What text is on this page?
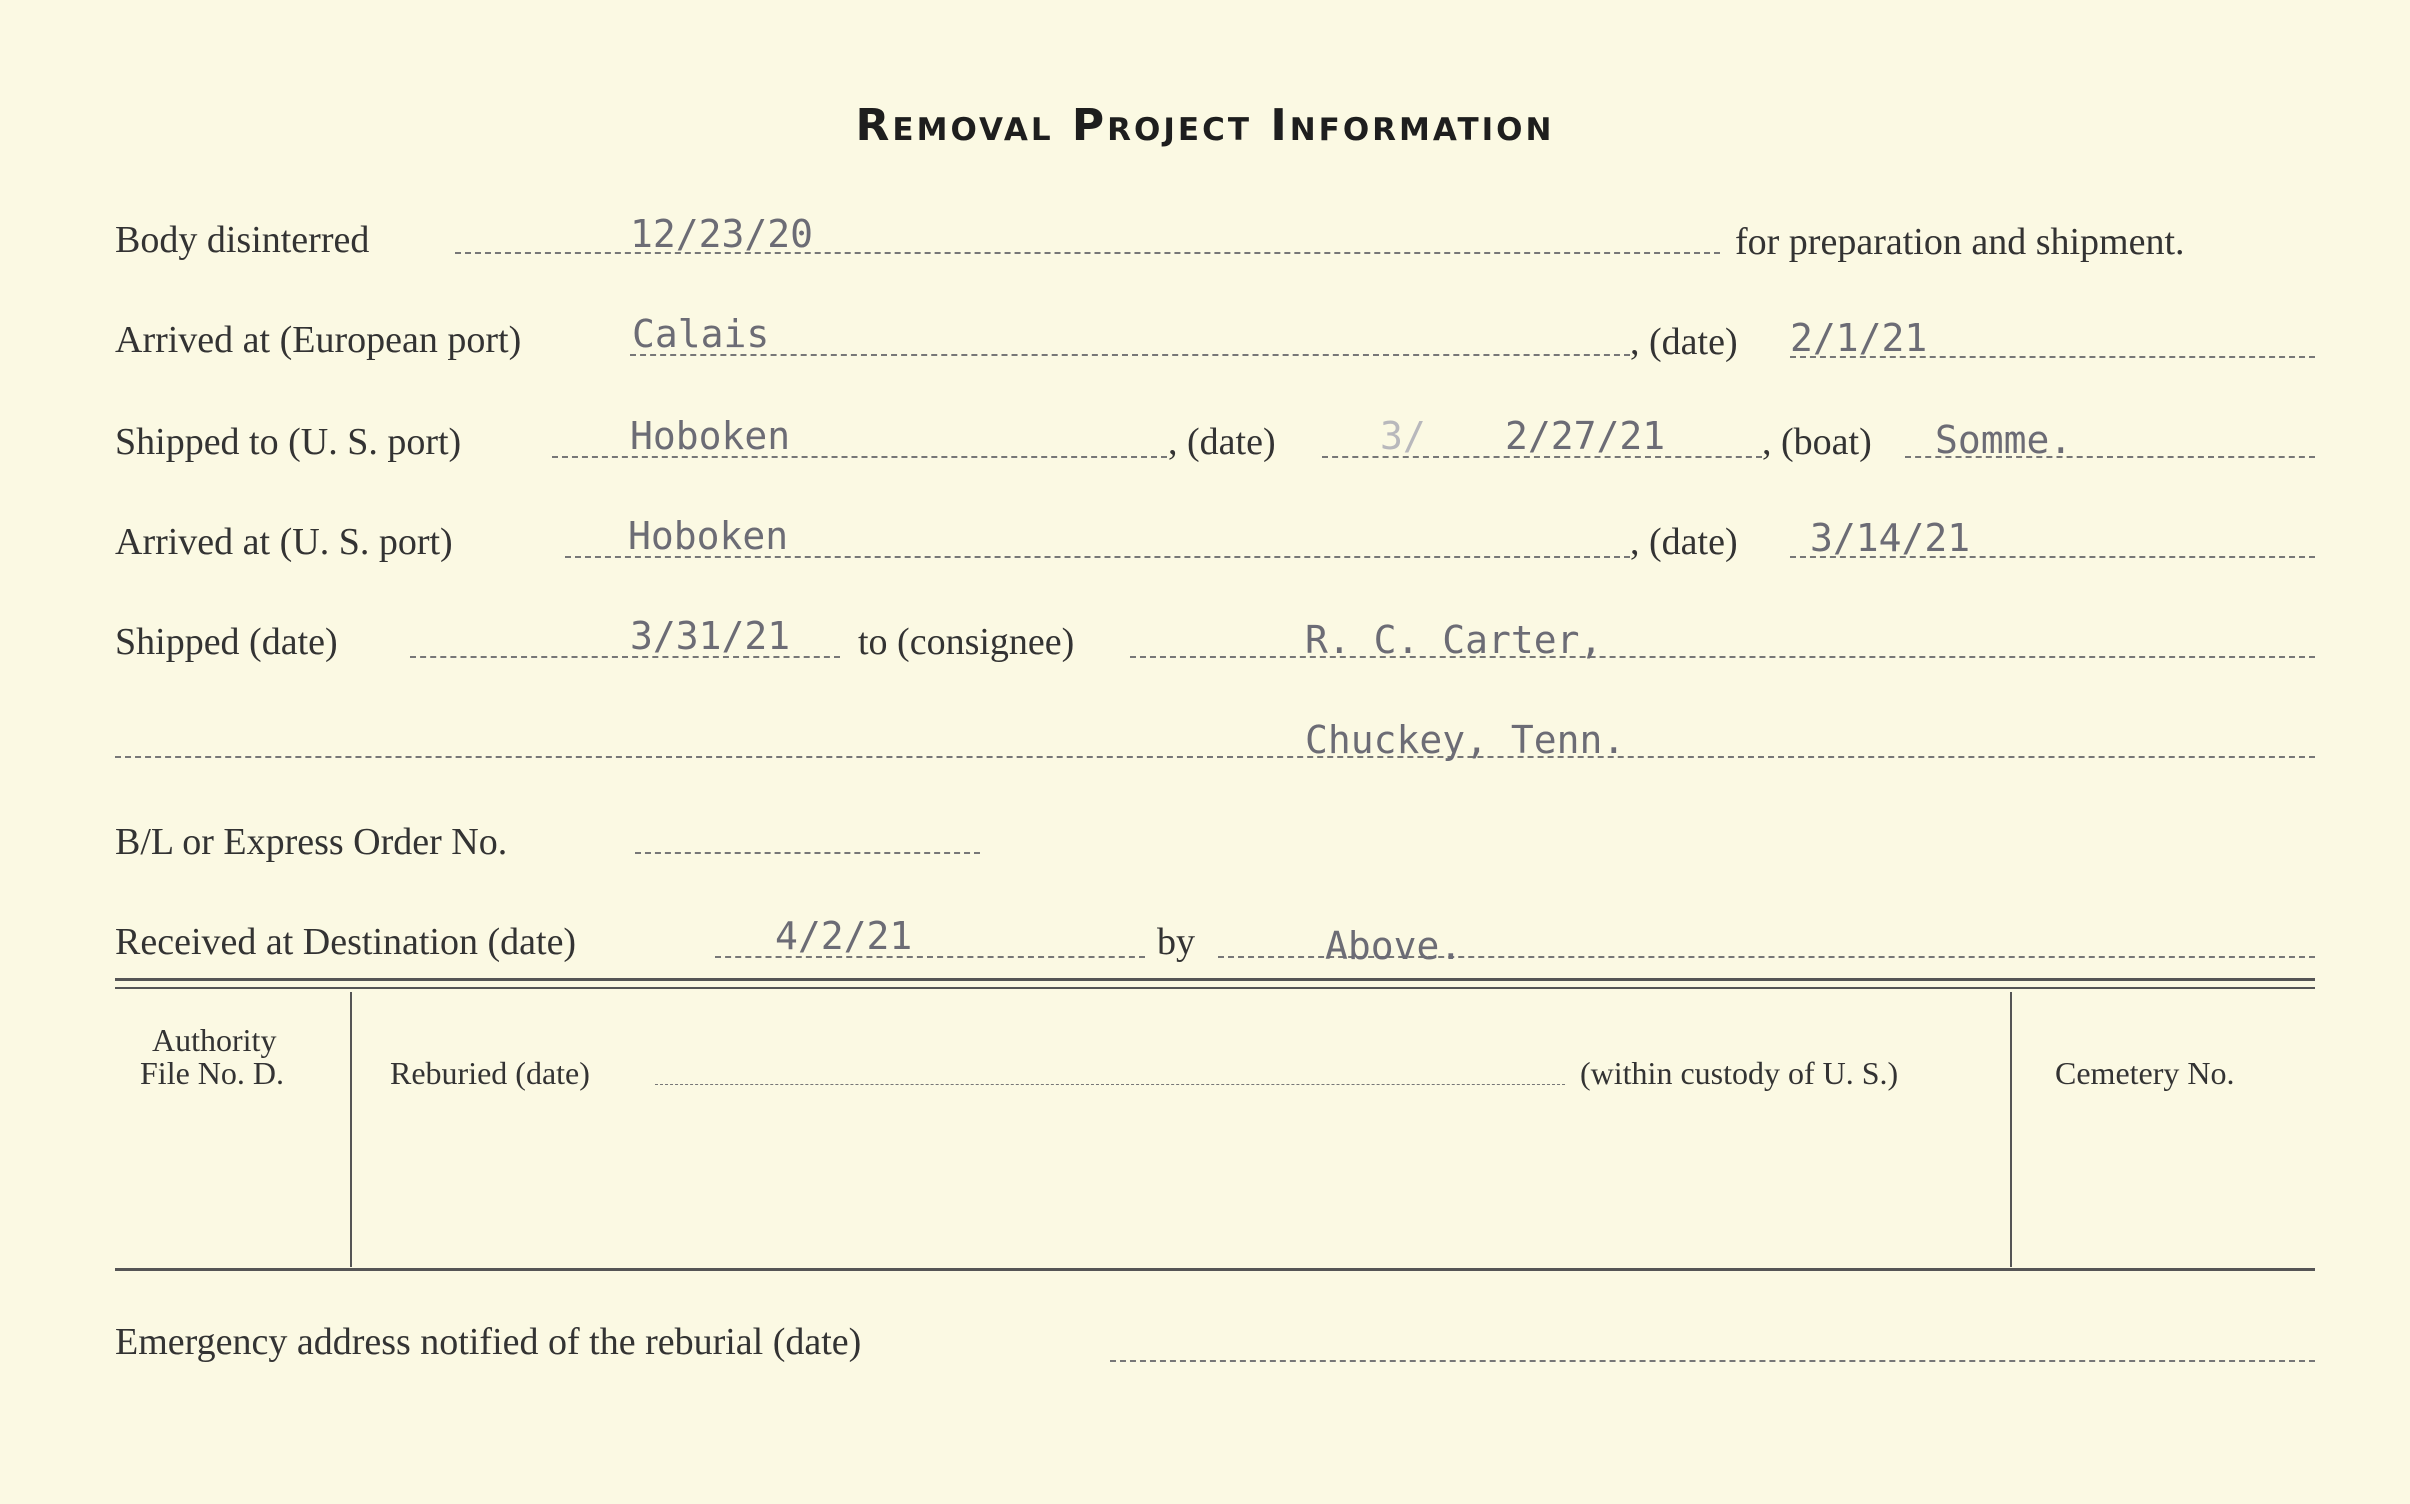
Removal Project Information
Body disinterred	12/23/20	for preparation and shipment.
Arrived at (European port)	Calais	, (date) 2/1/21
Shipped to (U. S. port)	Hoboken	, (date)	3/ 2/27/21	, (boat) Somme.
Arrived at (U. S. port)	Hoboken	, (date) 3/14/21
Shipped (date)	3/31/21 to (consignee)	R. C. Carter,
Chuckey, Tenn.
B/L or Express Order No.
Received at Destination (date)	4/2/21	by	Above.
Authority
File No. D.	Reburied (date)	(within custody of U. S.)	Cemetery No.
Emergency address notified of the reburial (date)
